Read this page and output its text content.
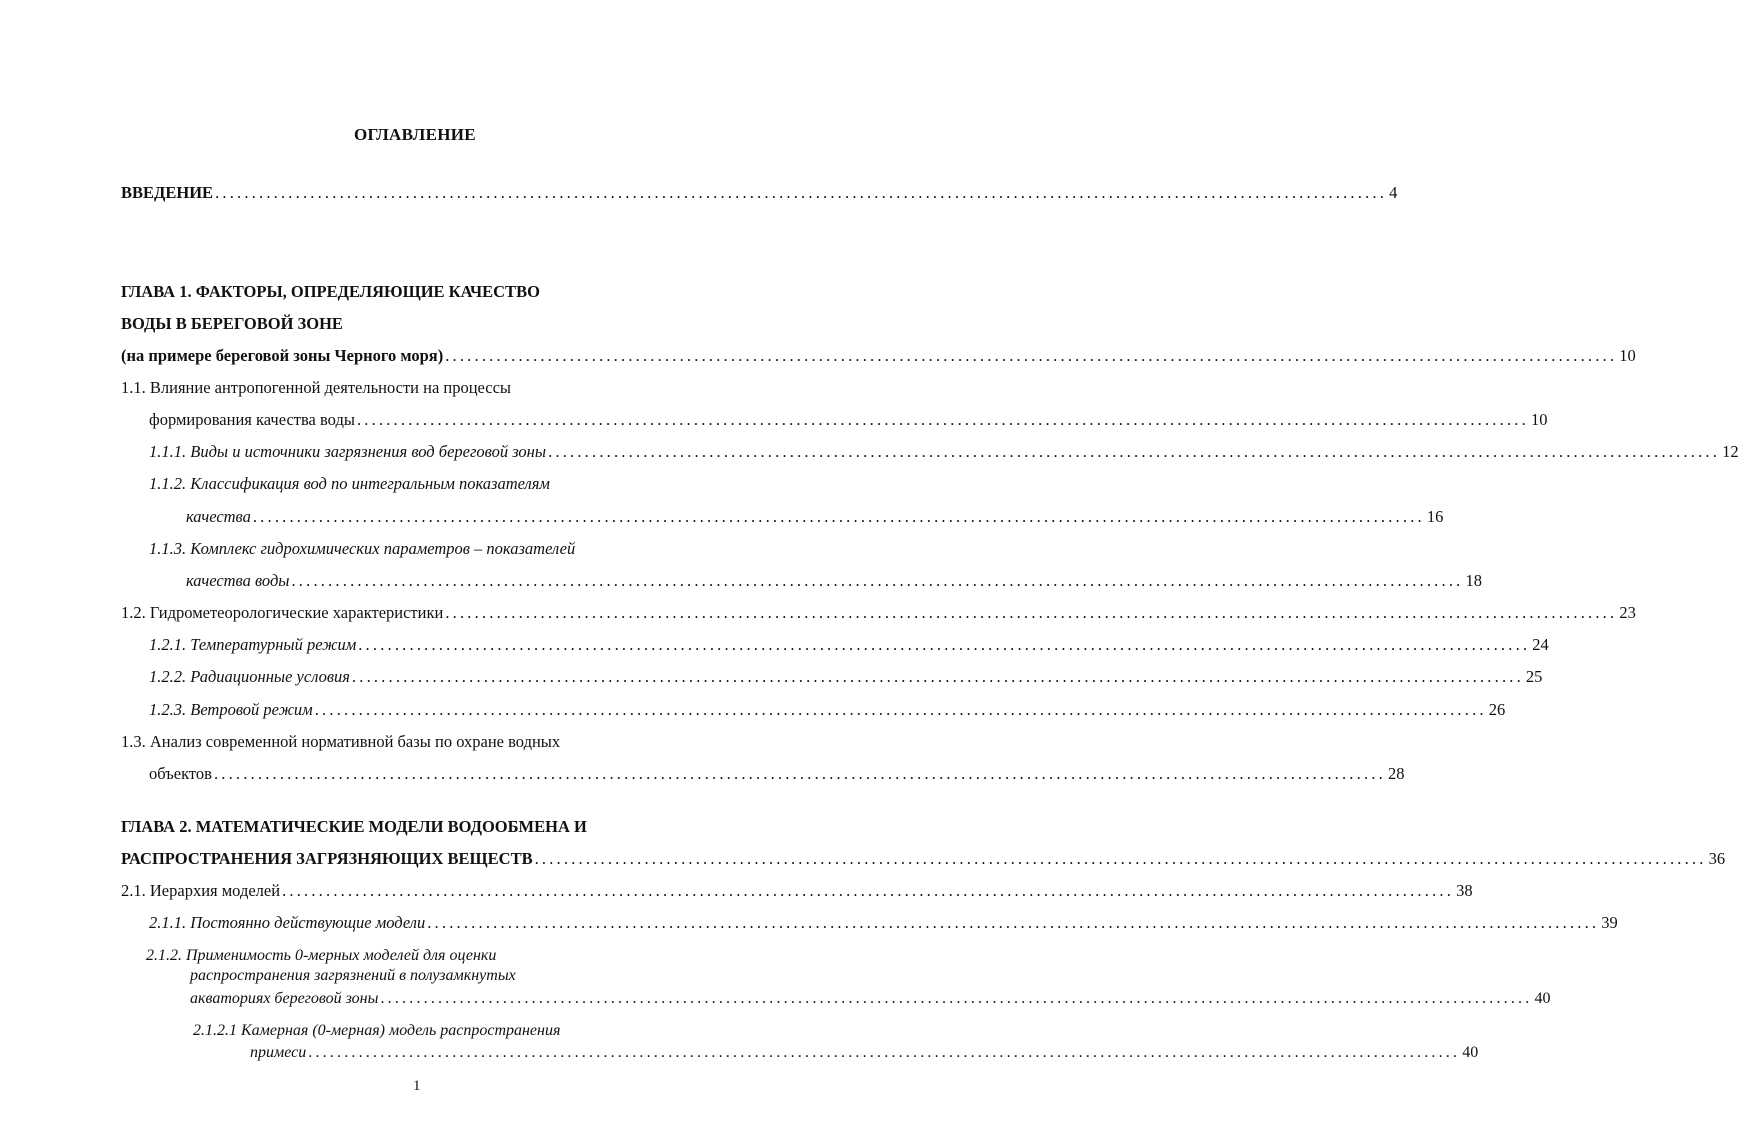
ОГЛАВЛЕНИЕ
ВВЕДЕНИЕ ................................................................................................................................................................ 4
ГЛАВА 1. ФАКТОРЫ, ОПРЕДЕЛЯЮЩИЕ КАЧЕСТВО
ВОДЫ В БЕРЕГОВОЙ ЗОНЕ
(на примере береговой зоны Черного моря) ................................................................................................................................................................ 10
1.1. Влияние антропогенной деятельности на процессы
формирования качества воды ................................................................................................................................................................ 10
1.1.1. Виды и источники загрязнения вод береговой зоны ................................................................................................................................................................ 12
1.1.2. Классификация вод по интегральным показателям
качества ................................................................................................................................................................ 16
1.1.3. Комплекс гидрохимических параметров – показателей
качества воды ................................................................................................................................................................ 18
1.2. Гидрометеорологические характеристики ................................................................................................................................................................ 23
1.2.1. Температурный режим ................................................................................................................................................................ 24
1.2.2. Радиационные условия ................................................................................................................................................................ 25
1.2.3. Ветровой режим ................................................................................................................................................................ 26
1.3. Анализ современной нормативной базы по охране водных
объектов ................................................................................................................................................................ 28
ГЛАВА 2. МАТЕМАТИЧЕСКИЕ МОДЕЛИ ВОДООБМЕНА И
РАСПРОСТРАНЕНИЯ ЗАГРЯЗНЯЮЩИХ ВЕЩЕСТВ ................................................................................................................................................................ 36
2.1. Иерархия моделей ................................................................................................................................................................ 38
2.1.1. Постоянно действующие модели ................................................................................................................................................................ 39
2.1.2. Применимость 0-мерных моделей для оценки
распространения загрязнений в полузамкнутых
акваториях береговой зоны ................................................................................................................................................................ 40
2.1.2.1 Камерная (0-мерная) модель распространения
примеси ................................................................................................................................................................ 40
1
